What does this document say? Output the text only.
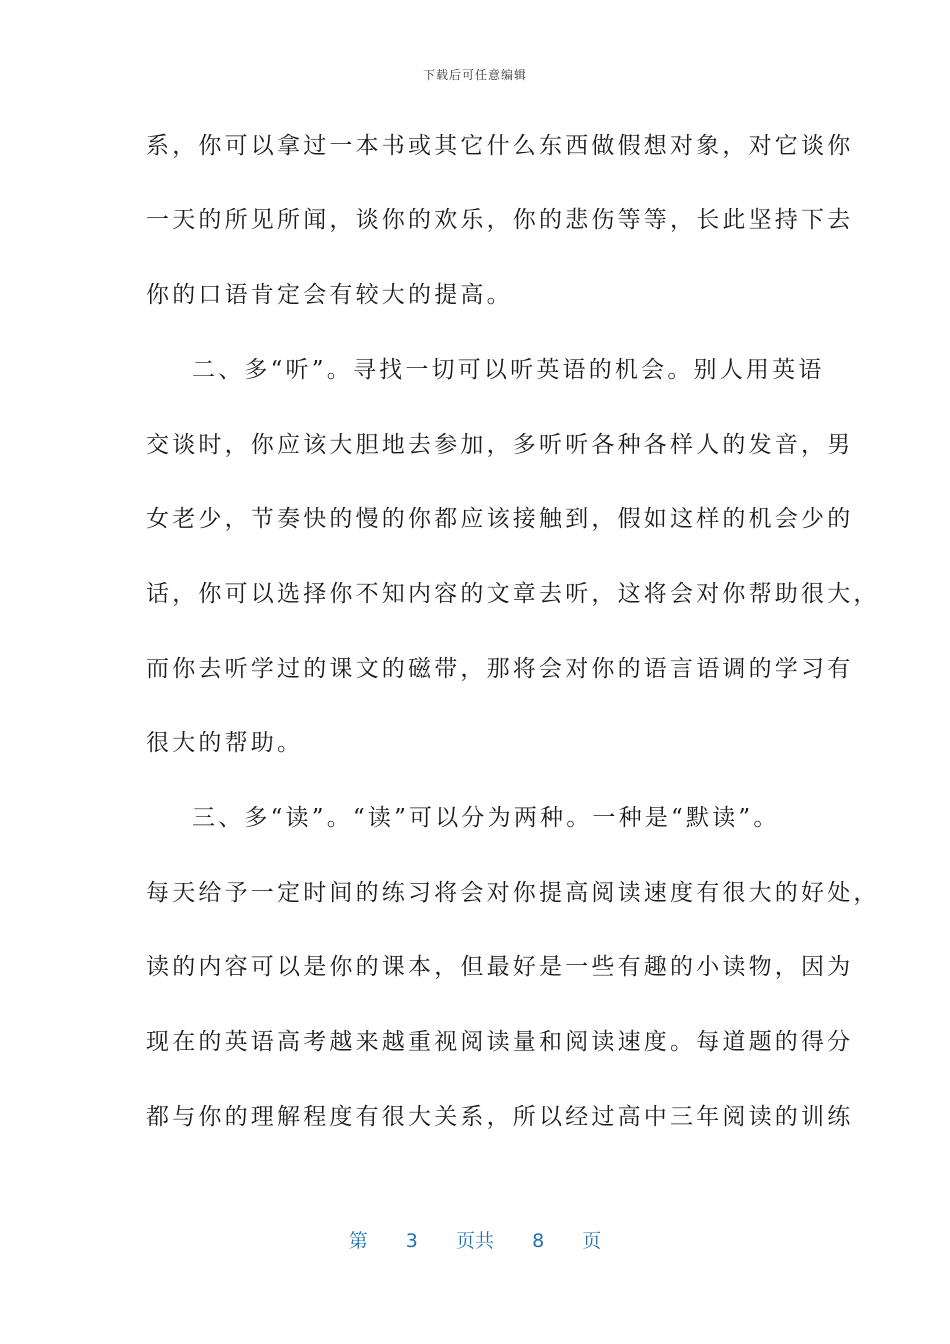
下载后可任意编辑
系，你可以拿过一本书或其它什么东西做假想对象，对它谈你
一天的所见所闻，谈你的欢乐，你的悲伤等等，长此坚持下去
你的口语肯定会有较大的提高。
二、多“听”。寻找一切可以听英语的机会。别人用英语
交谈时，你应该大胆地去参加，多听听各种各样人的发音，男
女老少，节奏快的慢的你都应该接触到，假如这样的机会少的
话，你可以选择你不知内容的文章去听，这将会对你帮助很大，
而你去听学过的课文的磁带，那将会对你的语言语调的学习有
很大的帮助。
三、多“读”。“读”可以分为两种。一种是“默读”。
每天给予一定时间的练习将会对你提高阅读速度有很大的好处，
读的内容可以是你的课本，但最好是一些有趣的小读物，因为
现在的英语高考越来越重视阅读量和阅读速度。每道题的得分
都与你的理解程度有很大关系，所以经过高中三年阅读的训练
第 3 页共 8 页
